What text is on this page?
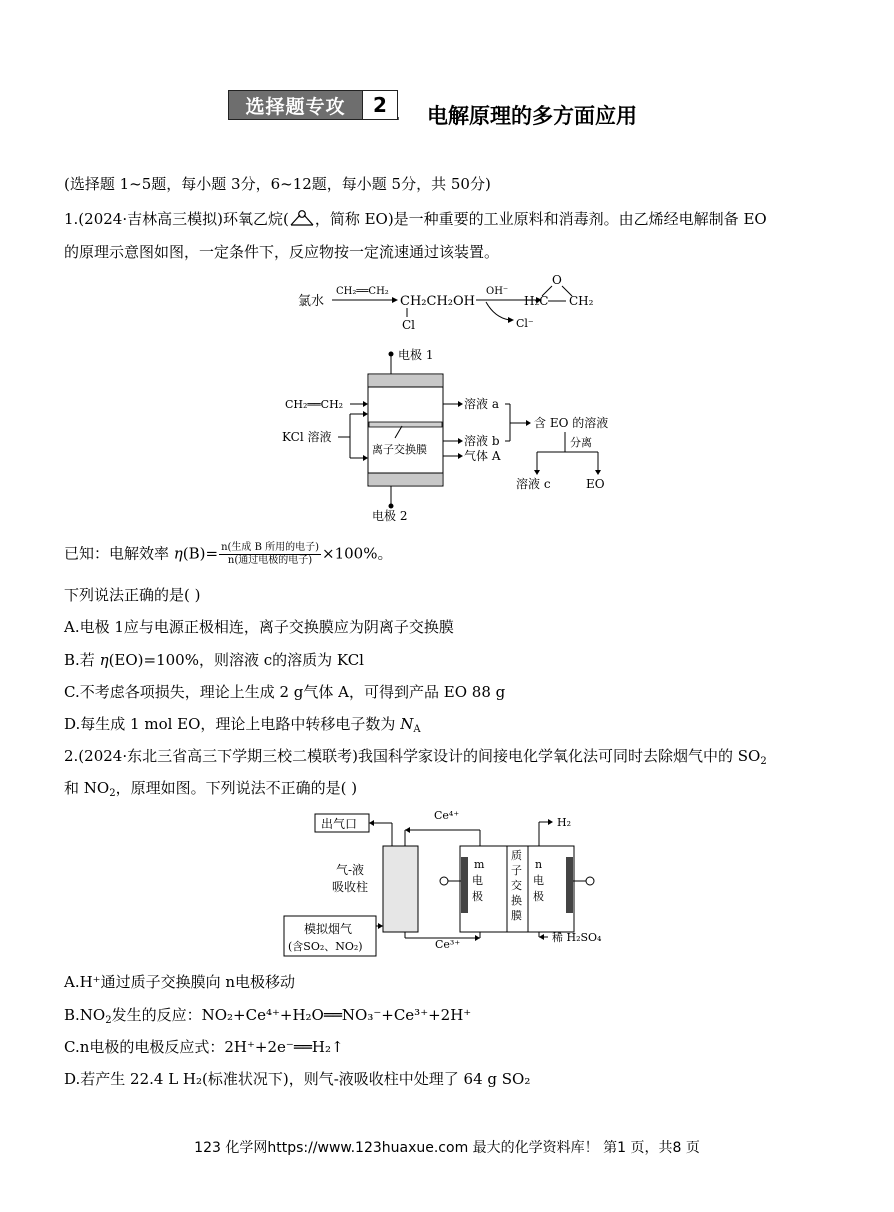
选择题专攻	2	电解原理的多方面应用
(选择题 1~5题，每小题 3分，6~12题，每小题 5分，共 50分)
1.(2024·吉林高三模拟)环氧乙烷( ，简称 EO)是一种重要的工业原料和消毒剂。由乙烯经电解制备 EO
的原理示意图如图，一定条件下，反应物按一定流速通过该装置。
氯水
CH₂══CH₂
CH₂CH₂OH
Cl
OH⁻
Cl⁻
O
H₂C CH₂
电极 1
电极 2
CH₂══CH₂
KCl 溶液
离子交换膜
溶液 a
溶液 b
气体 A
含 EO 的溶液
分离
溶液 c	EO
已知：电解效率 $\eta(B)= \frac{\text{n(生成 B 所用的电子)}}{\text{n(通过电极的电子)}} \times 100\%$。
下列说法正确的是( )
A.电极 1应与电源正极相连，离子交换膜应为阴离子交换膜
B.若 η(EO)=100%，则溶液 c的溶质为 KCl
C.不考虑各项损失，理论上生成 2 g气体 A，可得到产品 EO 88 g
D.每生成 1 mol EO，理论上电路中转移电子数为 $N_A$
2.(2024·东北三省高三下学期三校二模联考)我国科学家设计的间接电化学氧化法可同时去除烟气中的 $SO_2$
和 $NO_2$，原理如图。下列说法不正确的是( )
出气口
Ce⁴⁺
气-液
吸收柱
m
电
极
质
子
交
换
膜
n
电
极
H₂
Ce³⁺
模拟烟气
(含SO₂、NO₂)
稀 H₂SO₄
A.H⁺通过质子交换膜向 n电极移动
$B.NO_2$发生的反应：NO₂+Ce⁴⁺+H₂O══NO₃⁻+Ce³⁺+2H⁺
C.n电极的电极反应式：2H⁺+2e⁻══H₂↑
D.若产生 22.4 L H₂(标准状况下)，则气-液吸收柱中处理了 64 g SO₂
123 化学网https://www.123huaxue.com 最大的化学资料库！ 第1 页，共8 页
